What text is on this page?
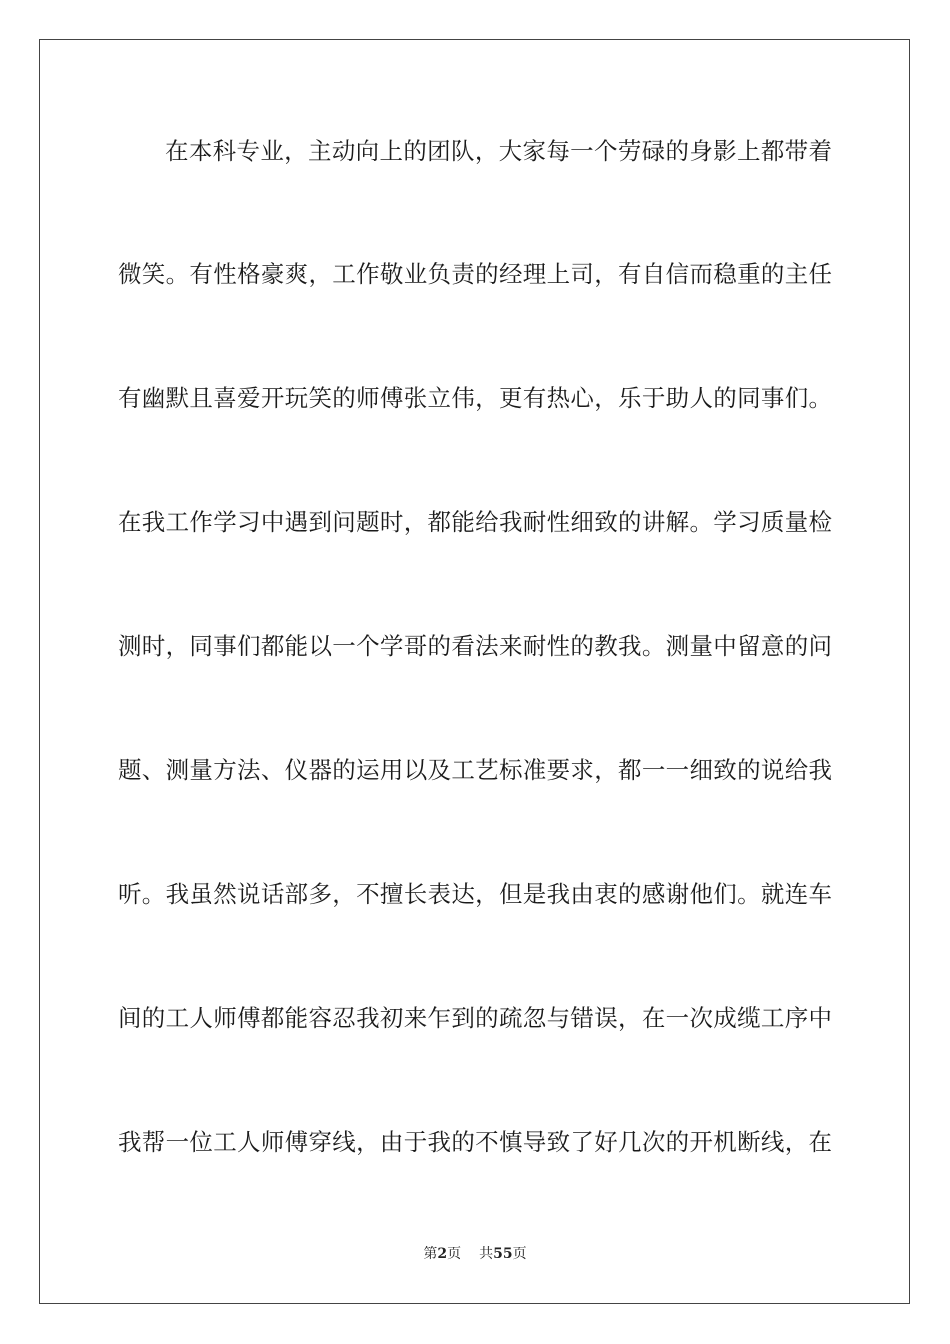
在本科专业，主动向上的团队，大家每一个劳碌的身影上都带着
微笑。有性格豪爽，工作敬业负责的经理上司，有自信而稳重的主任
有幽默且喜爱开玩笑的师傅张立伟，更有热心，乐于助人的同事们。
在我工作学习中遇到问题时，都能给我耐性细致的讲解。学习质量检
测时，同事们都能以一个学哥的看法来耐性的教我。测量中留意的问
题、测量方法、仪器的运用以及工艺标准要求，都一一细致的说给我
听。我虽然说话部多，不擅长表达，但是我由衷的感谢他们。就连车
间的工人师傅都能容忍我初来乍到的疏忽与错误，在一次成缆工序中
我帮一位工人师傅穿线，由于我的不慎导致了好几次的开机断线，在
第2页 共55页
